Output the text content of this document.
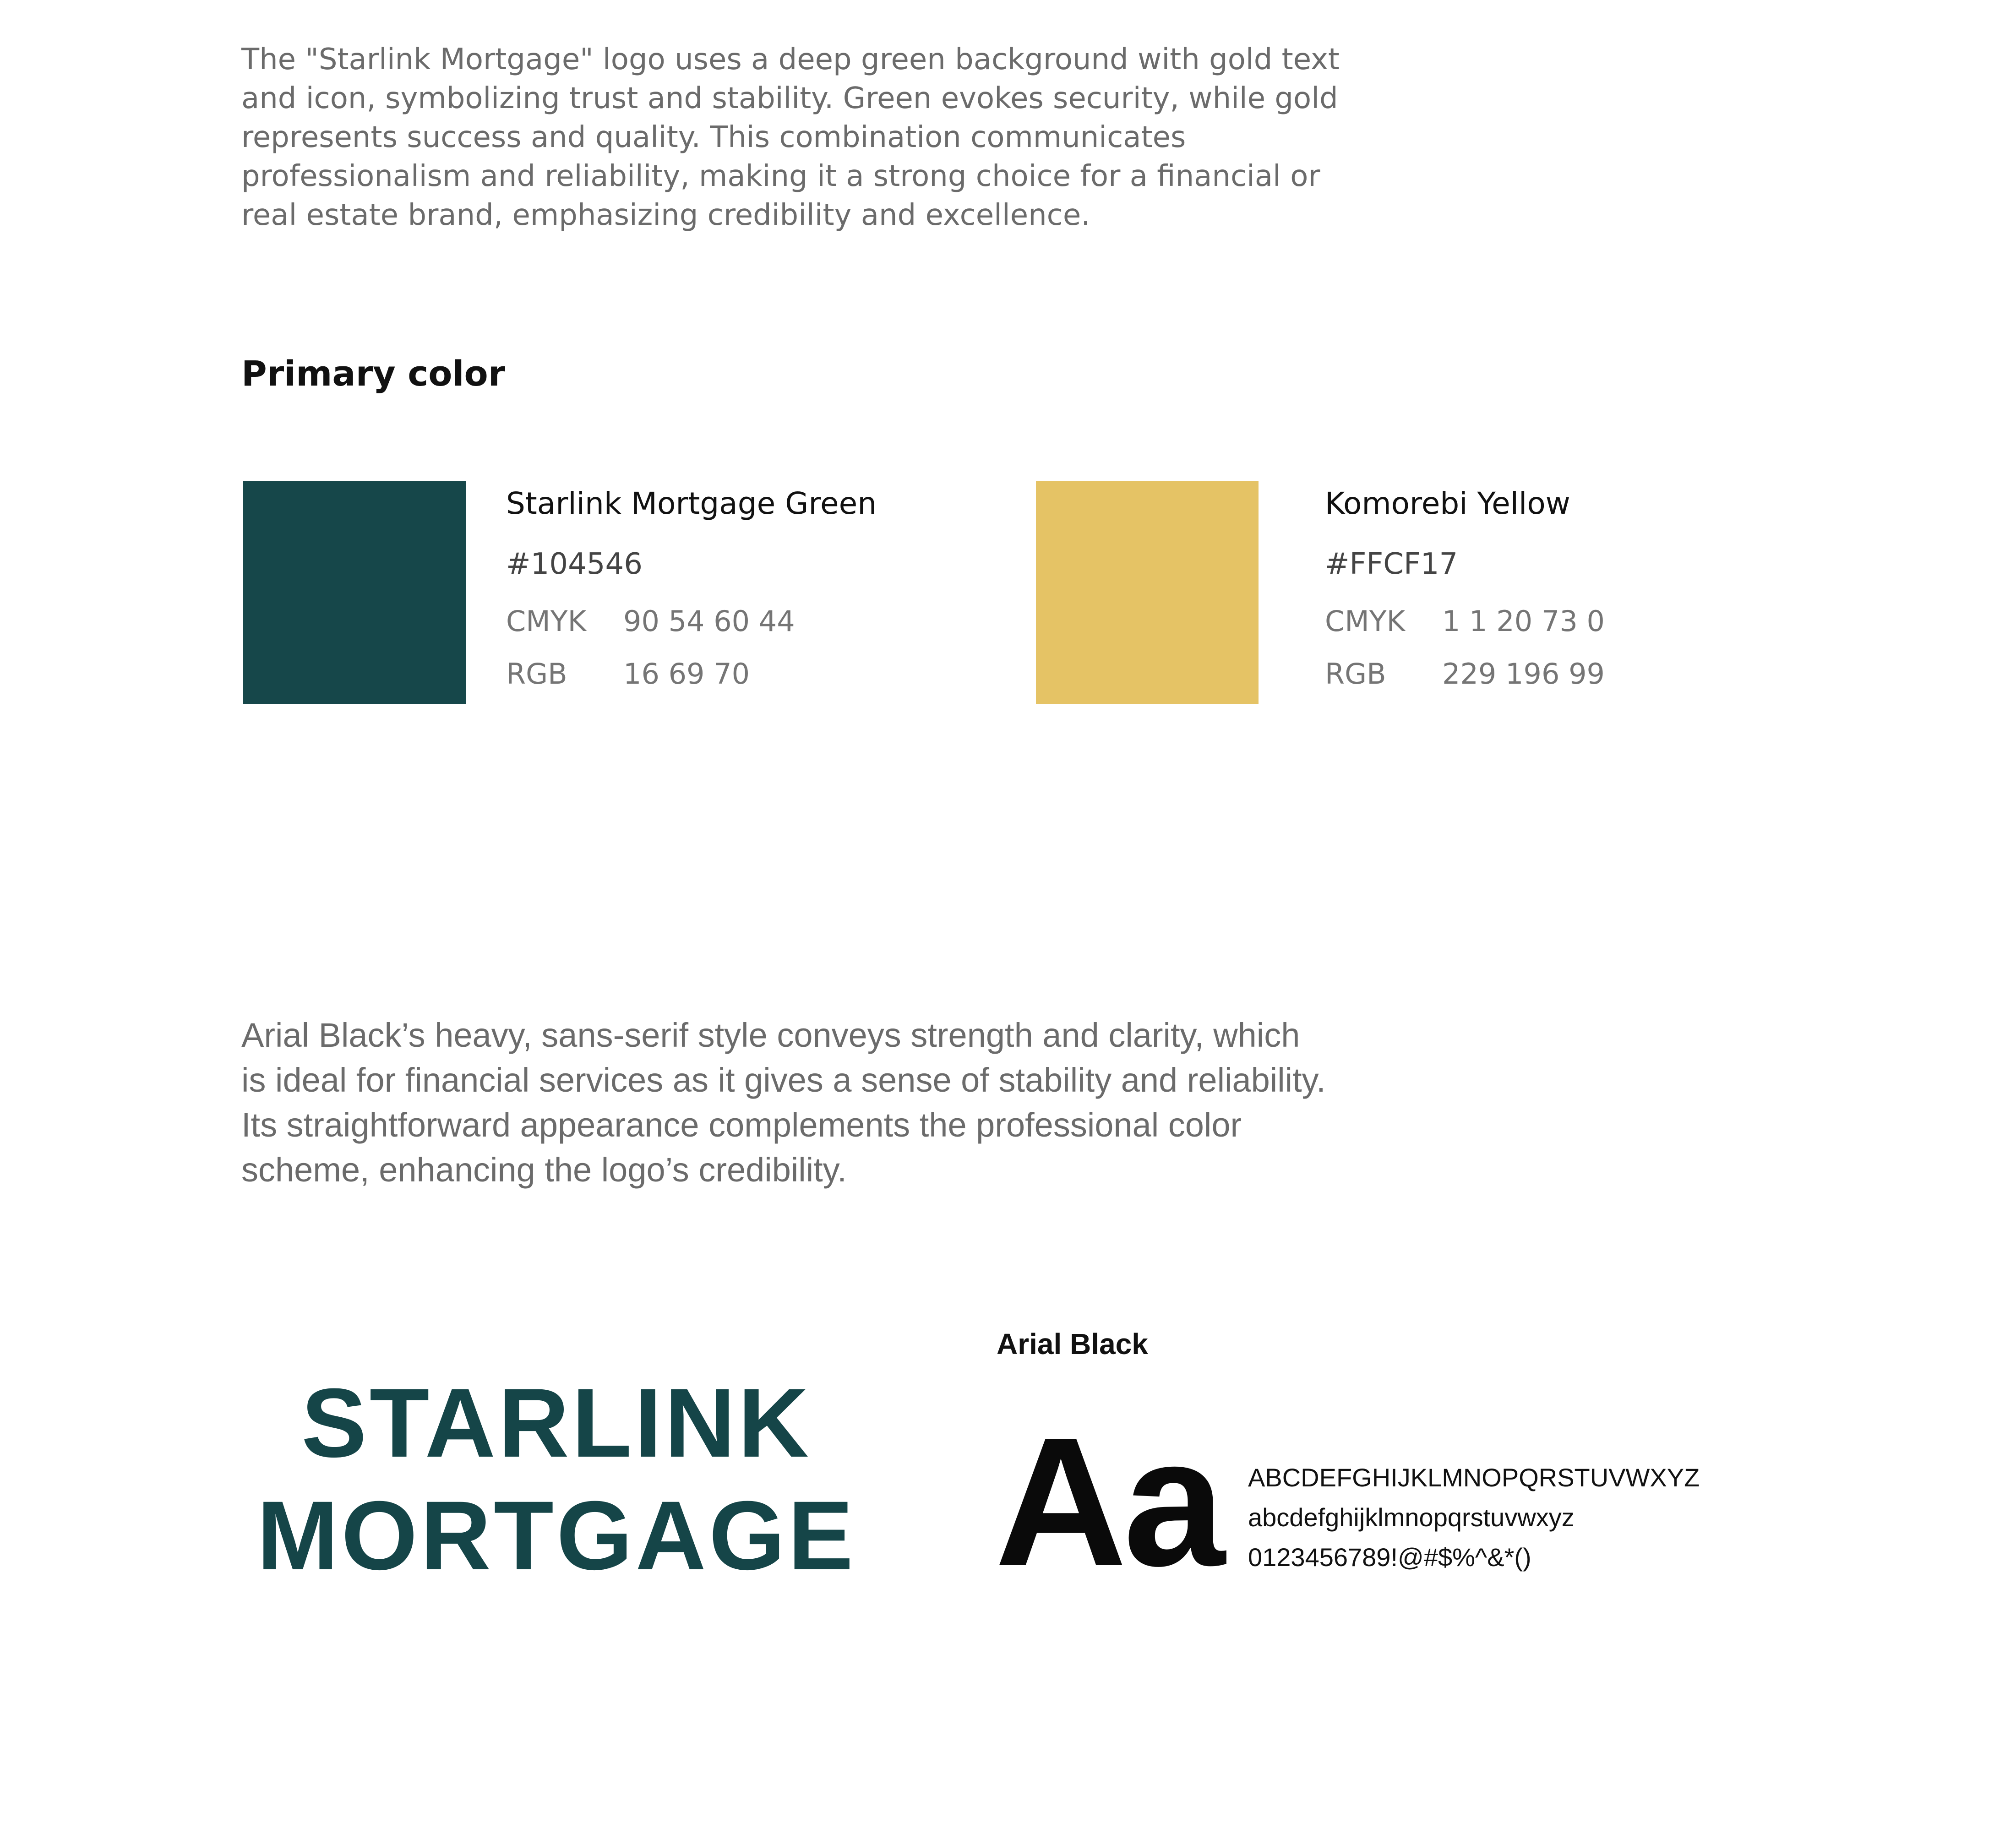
The "Starlink Mortgage" logo uses a deep green background with gold text
and icon, symbolizing trust and stability. Green evokes security, while gold
represents success and quality. This combination communicates
professionalism and reliability, making it a strong choice for a financial or
real estate brand, emphasizing credibility and excellence.

Primary color
Starlink Mortgage Green
#104546
CMYK	90 54 60 44
RGB	16 69 70
Komorebi Yellow
#FFCF17
CMYK	1 1 20 73 0
RGB	229 196 99

Arial Black’s heavy, sans-serif style conveys strength and clarity, which
is ideal for financial services as it gives a sense of stability and reliability.
Its straightforward appearance complements the professional color
scheme, enhancing the logo’s credibility.

STARLINK
MORTGAGE
Arial Black
Aa ABCDEFGHIJKLMNOPQRSTUVWXYZ
abcdefghijklmnopqrstuvwxyz
0123456789!@#$%^&*()
